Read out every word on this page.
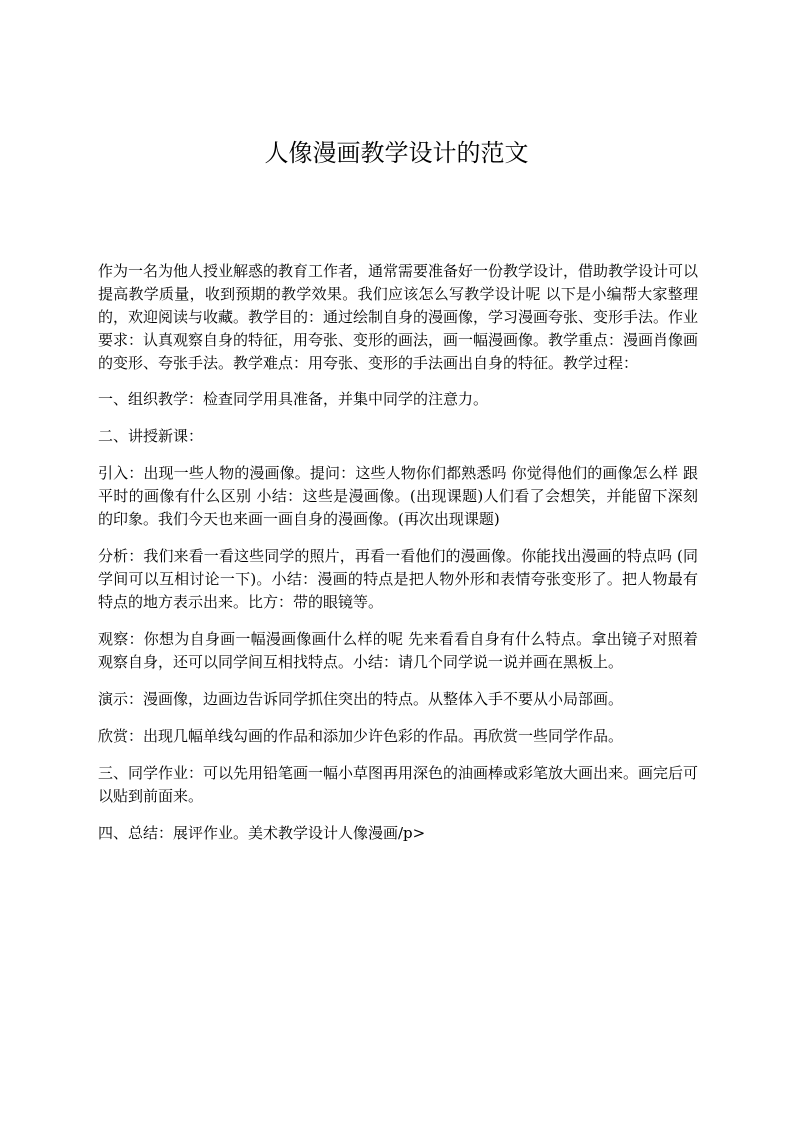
人像漫画教学设计的范文

作为一名为他人授业解惑的教育工作者，通常需要准备好一份教学设计，借助教学设计可以提高教学质量，收到预期的教学效果。我们应该怎么写教学设计呢 以下是小编帮大家整理的，欢迎阅读与收藏。教学目的：通过绘制自身的漫画像，学习漫画夸张、变形手法。作业要求：认真观察自身的特征，用夸张、变形的画法，画一幅漫画像。教学重点：漫画肖像画的变形、夸张手法。教学难点：用夸张、变形的手法画出自身的特征。教学过程：

一、组织教学：检查同学用具准备，并集中同学的注意力。

二、讲授新课：

引入：出现一些人物的漫画像。提问：这些人物你们都熟悉吗 你觉得他们的画像怎么样 跟平时的画像有什么区别 小结：这些是漫画像。(出现课题)人们看了会想笑，并能留下深刻的印象。我们今天也来画一画自身的漫画像。(再次出现课题)

分析：我们来看一看这些同学的照片，再看一看他们的漫画像。你能找出漫画的特点吗 (同学间可以互相讨论一下)。小结：漫画的特点是把人物外形和表情夸张变形了。把人物最有特点的地方表示出来。比方：带的眼镜等。

观察：你想为自身画一幅漫画像画什么样的呢 先来看看自身有什么特点。拿出镜子对照着观察自身，还可以同学间互相找特点。小结：请几个同学说一说并画在黑板上。

演示：漫画像，边画边告诉同学抓住突出的特点。从整体入手不要从小局部画。

欣赏：出现几幅单线勾画的作品和添加少许色彩的作品。再欣赏一些同学作品。

三、同学作业：可以先用铅笔画一幅小草图再用深色的油画棒或彩笔放大画出来。画完后可以贴到前面来。

四、总结：展评作业。美术教学设计人像漫画/p>
